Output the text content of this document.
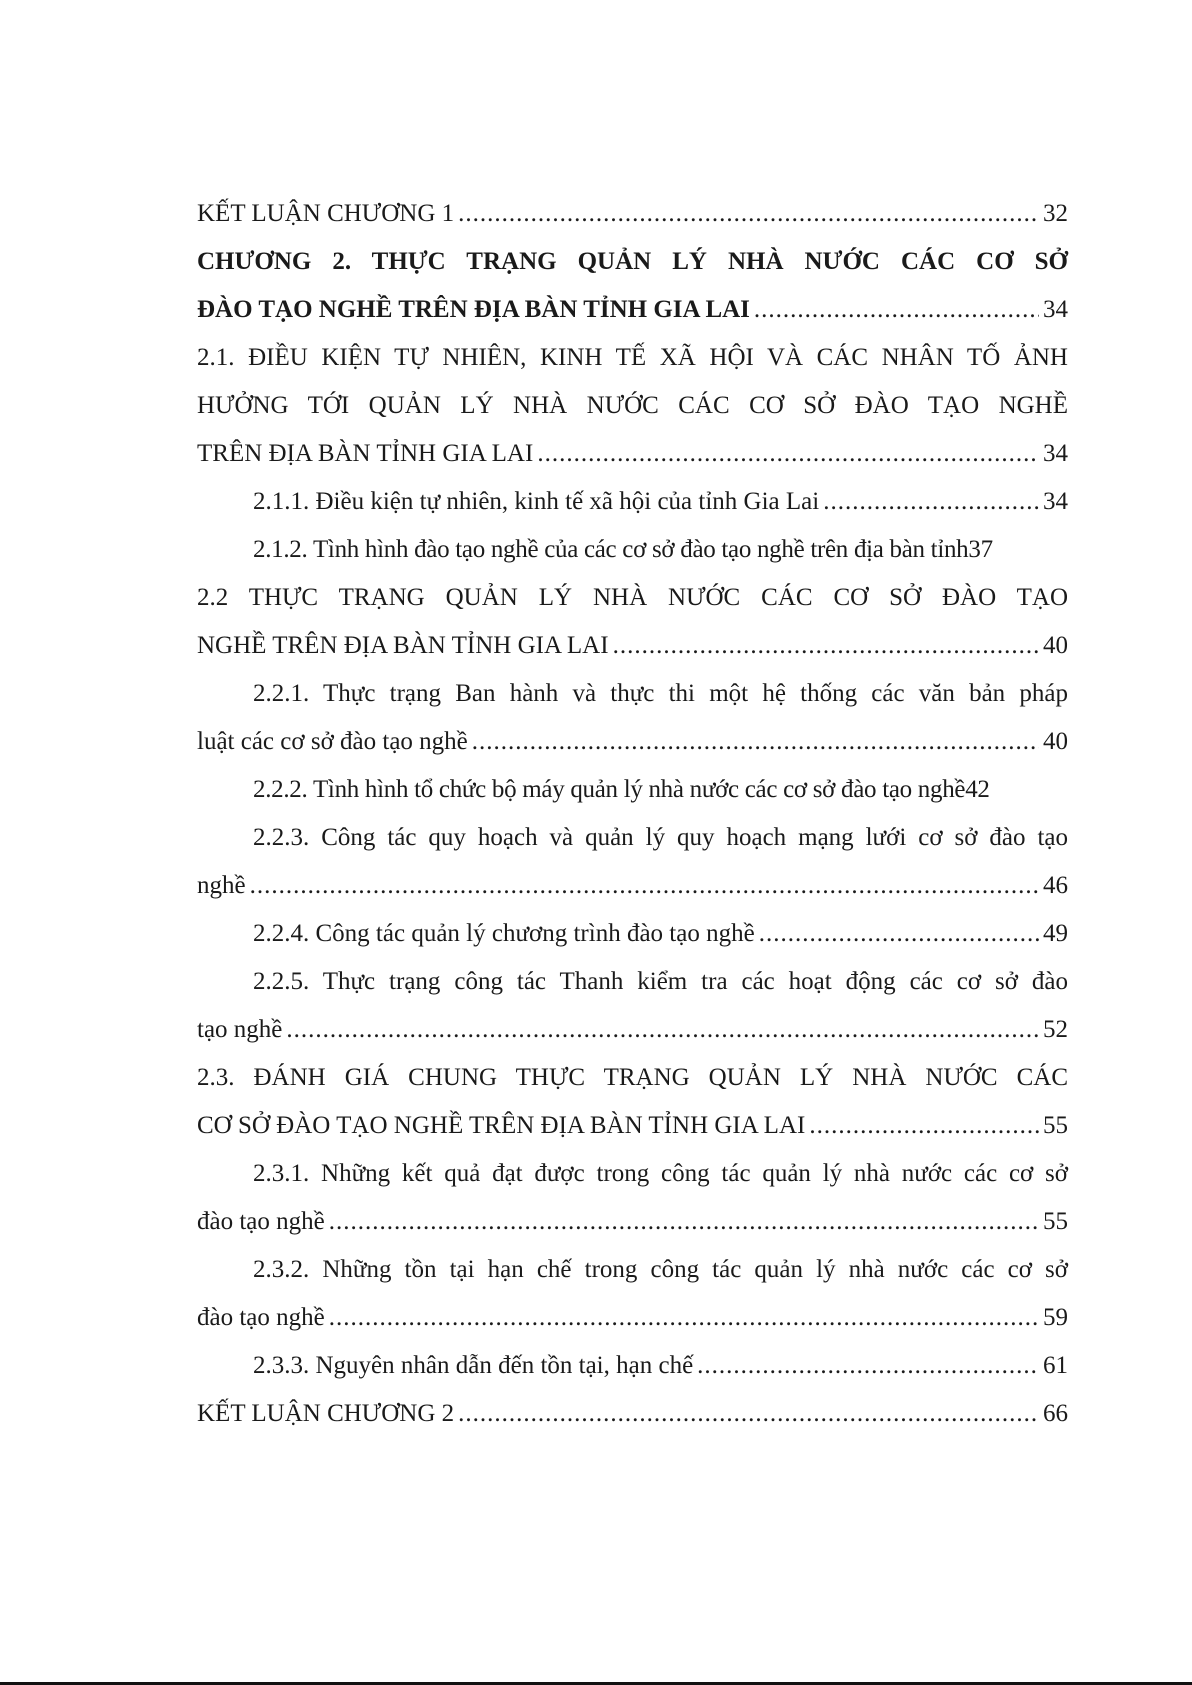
KẾT LUẬN CHƯƠNG 1 .....	32
CHƯƠNG 2. THỰC TRẠNG QUẢN LÝ NHÀ NƯỚC CÁC CƠ SỞ
ĐÀO TẠO NGHỀ TRÊN ĐỊA BÀN TỈNH GIA LAI .....	34
2.1. ĐIỀU KIỆN TỰ NHIÊN, KINH TẾ XÃ HỘI VÀ CÁC NHÂN TỐ ẢNH
HƯỞNG TỚI QUẢN LÝ NHÀ NƯỚC CÁC CƠ SỞ ĐÀO TẠO NGHỀ
TRÊN ĐỊA BÀN TỈNH GIA LAI .....	34
2.1.1. Điều kiện tự nhiên, kinh tế xã hội của tỉnh Gia Lai .....	34
2.1.2. Tình hình đào tạo nghề của các cơ sở đào tạo nghề trên địa bàn tỉnh 37
2.2 THỰC TRẠNG QUẢN LÝ NHÀ NƯỚC CÁC CƠ SỞ ĐÀO TẠO
NGHỀ TRÊN ĐỊA BÀN TỈNH GIA LAI .....	40
2.2.1. Thực trạng Ban hành và thực thi một hệ thống các văn bản pháp
luật các cơ sở đào tạo nghề .....	40
2.2.2. Tình hình tổ chức bộ máy quản lý nhà nước các cơ sở đào tạo nghề 42
2.2.3. Công tác quy hoạch và quản lý quy hoạch mạng lưới cơ sở đào tạo
nghề .....	46
2.2.4. Công tác quản lý chương trình đào tạo nghề .....	49
2.2.5. Thực trạng công tác Thanh kiểm tra các hoạt động các cơ sở đào
tạo nghề .....	52
2.3. ĐÁNH GIÁ CHUNG THỰC TRẠNG QUẢN LÝ NHÀ NƯỚC CÁC
CƠ SỞ ĐÀO TẠO NGHỀ TRÊN ĐỊA BÀN TỈNH GIA LAI .....	55
2.3.1. Những kết quả đạt được trong công tác quản lý nhà nước các cơ sở
đào tạo nghề .....	55
2.3.2. Những tồn tại hạn chế trong công tác quản lý nhà nước các cơ sở
đào tạo nghề .....	59
2.3.3. Nguyên nhân dẫn đến tồn tại, hạn chế .....	61
KẾT LUẬN CHƯƠNG 2 .....	66
